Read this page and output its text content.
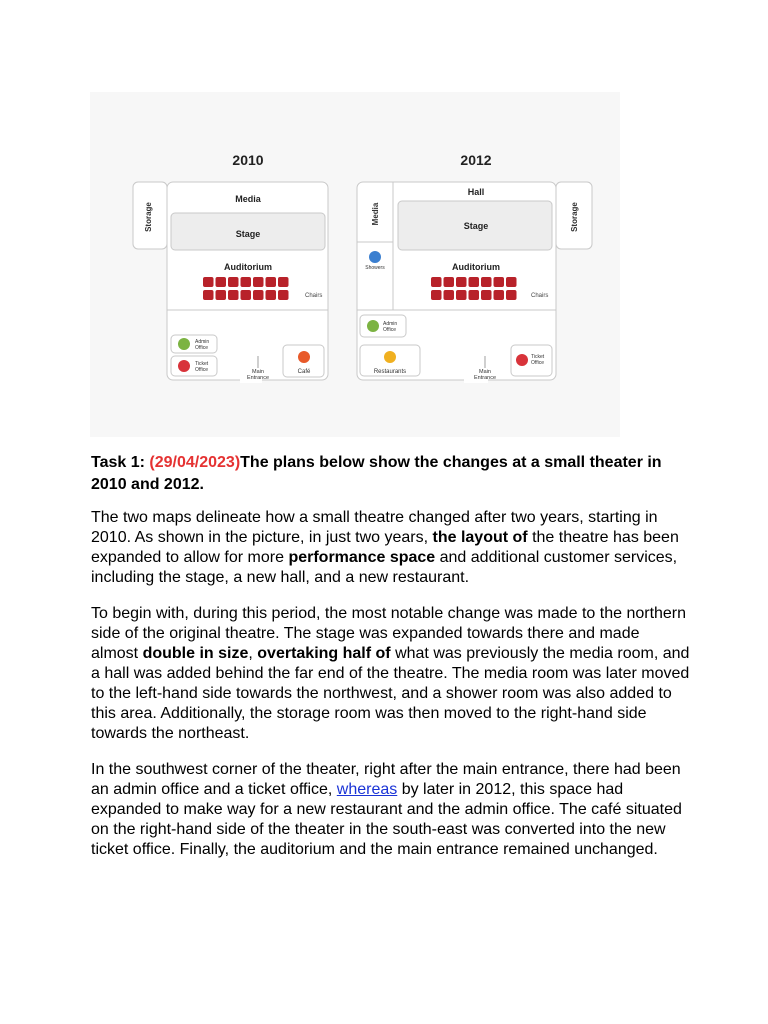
2010
Storage
Media
Stage
Auditorium
Chairs
Admin
Office
Ticket
Office	Main
Entrance
Café
2012
Hall
Media
Stage	Storage
Showers	Auditorium
Chairs
Admin
Office
Restaurants	Main
Entrance
Ticket
Office
Task 1: (29/04/2023)The plans below show the changes at a small theater in 2010 and 2012.

The two maps delineate how a small theatre changed after two years, starting in 2010. As shown in the picture, in just two years, the layout of the theatre has been expanded to allow for more performance space and additional customer services, including the stage, a new hall, and a new restaurant.

To begin with, during this period, the most notable change was made to the northern side of the original theatre. The stage was expanded towards there and made almost double in size, overtaking half of what was previously the media room, and a hall was added behind the far end of the theatre. The media room was later moved to the left-hand side towards the northwest, and a shower room was also added to this area. Additionally, the storage room was then moved to the right-hand side towards the northeast.

In the southwest corner of the theater, right after the main entrance, there had been an admin office and a ticket office, whereas by later in 2012, this space had expanded to make way for a new restaurant and the admin office. The café situated on the right-hand side of the theater in the south-east was converted into the new ticket office. Finally, the auditorium and the main entrance remained unchanged.
